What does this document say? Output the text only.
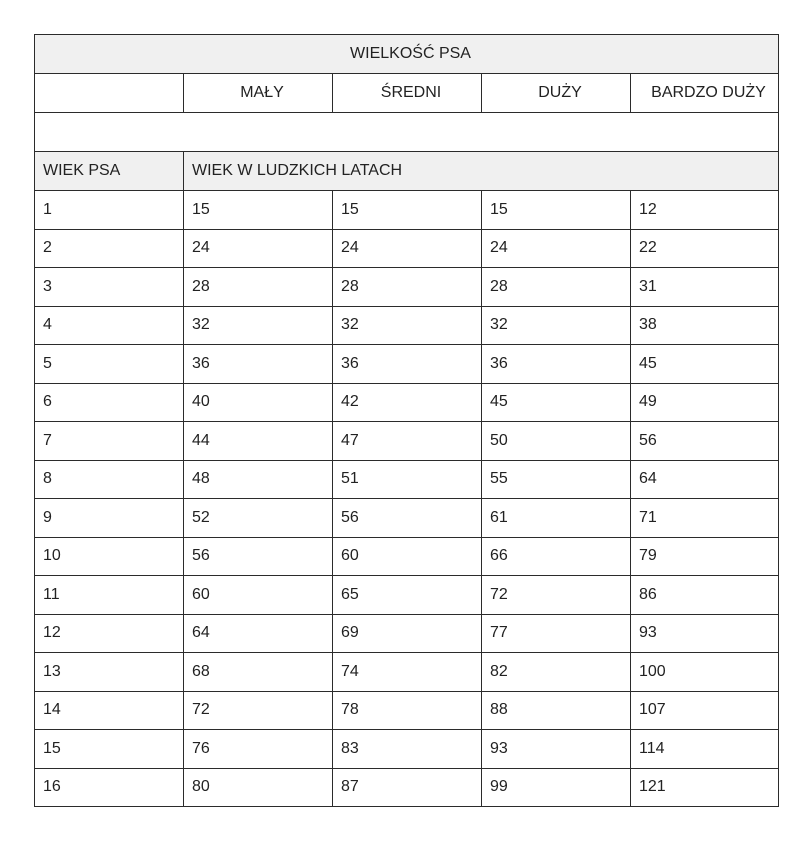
WIELKOŚĆ PSA				
	MAŁY	ŚREDNI	DUŻY	BARDZO DUŻY

WIEK PSA	WIEK W LUDZKICH LATACH			
1	15	15	15	12
2	24	24	24	22
3	28	28	28	31
4	32	32	32	38
5	36	36	36	45
6	40	42	45	49
7	44	47	50	56
8	48	51	55	64
9	52	56	61	71
10	56	60	66	79
11	60	65	72	86
12	64	69	77	93
13	68	74	82	100
14	72	78	88	107
15	76	83	93	114
16	80	87	99	121
